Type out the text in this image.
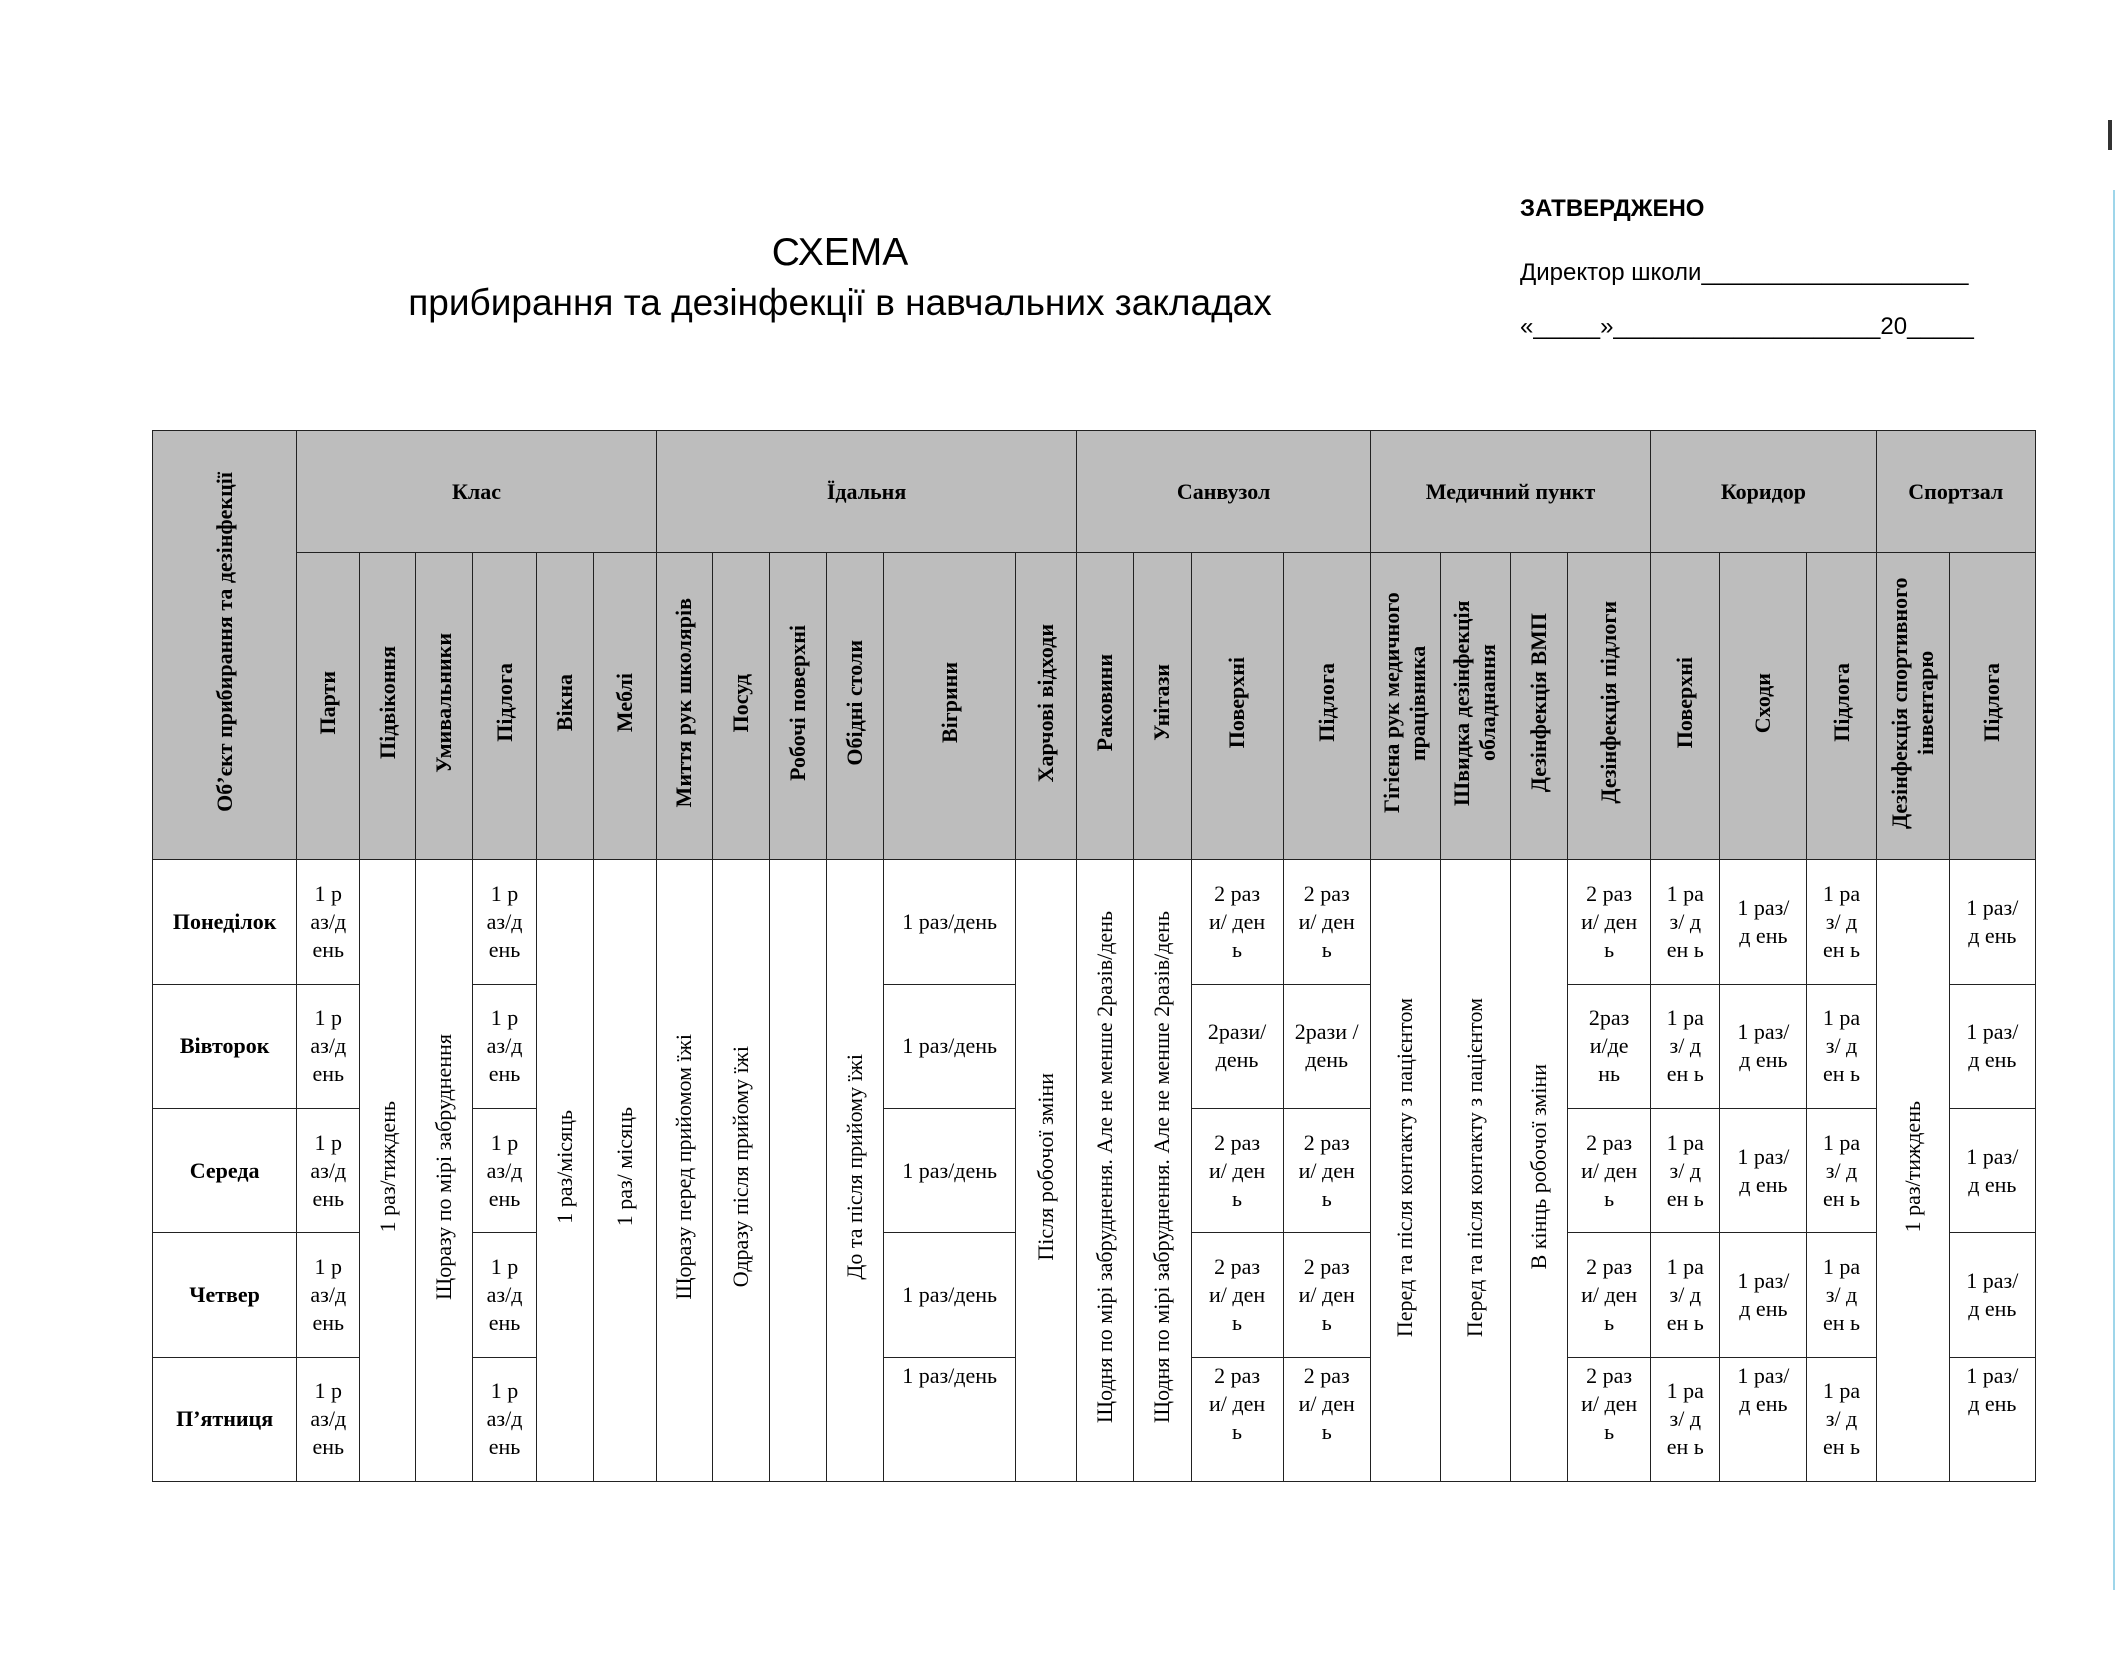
СХЕМА
прибирання та дезінфекції в навчальних закладах
ЗАТВЕРДЖЕНО
Директор школи____________________
«_____»____________________20_____
Об’єкт прибирання та дезінфекції	Клас						Їдальня						Санвузол				Медичний пункт				Коридор			Спортзал	
	Парти	Підвіконня	Умивальники	Підлога	Вікна	Меблі	Миття рук школярів	Посуд	Робочі поверхні	Обідні столи	Вігрини	Харчові відходи	Раковини	Унітази	Поверхні	Підлога	Гігієна рук медичного працівника	Швидка дезінфекція обладнання	Дезінфекція ВМП	Дезінфекція підлоги	Поверхні	Сходи	Підлога	Дезінфекція спортивного інвентарю	Підлога
Понеділок	1 раз/день	1 раз/тиждень	Щоразу по мірі забруднення	1 раз/день	1 раз/місяць	1 раз/ місяць	Щоразу перед прийомом їжі	Одразу після прийому їжі		До та після прийому їжі	1 раз/день	Після робочої зміни	Щодня по мірі забруднення. Але не менше 2разів/день	Щодня по мірі забруднення. Але не менше 2разів/день	2 рази/ день	2 рази/ день	Перед та після контакту з пацієнтом	Перед та після контакту з пацієнтом	В кінць робочої зміни	2 рази/ день	1 раз/ ден ь	1 раз/д ень	1 раз/ ден ь	1 раз/тиждень	1 раз/д ень
Вівторок	1 раз/день			1 раз/день							1 раз/день				2рази/ день	2рази /день				2раз и/де нь	1 раз/ ден ь	1 раз/д ень	1 раз/ ден ь		1 раз/д ень
Середа	1 раз/день			1 раз/день							1 раз/день				2 рази/ день	2 рази/ день				2 рази/ день	1 раз/ ден ь	1 раз/д ень	1 раз/ ден ь		1 раз/д ень
Четвер	1 раз/день			1 раз/день							1 раз/день				2 рази/ день	2 рази/ день				2 рази/ день	1 раз/ ден ь	1 раз/д ень	1 раз/ ден ь		1 раз/д ень
П’ятниця	1 раз/день			1 раз/день							1 раз/день				2 рази/ день	2 рази/ день				2 рази/ день	1 раз/ ден ь	1 раз/д ень	1 раз/ ден ь		1 раз/д ень
